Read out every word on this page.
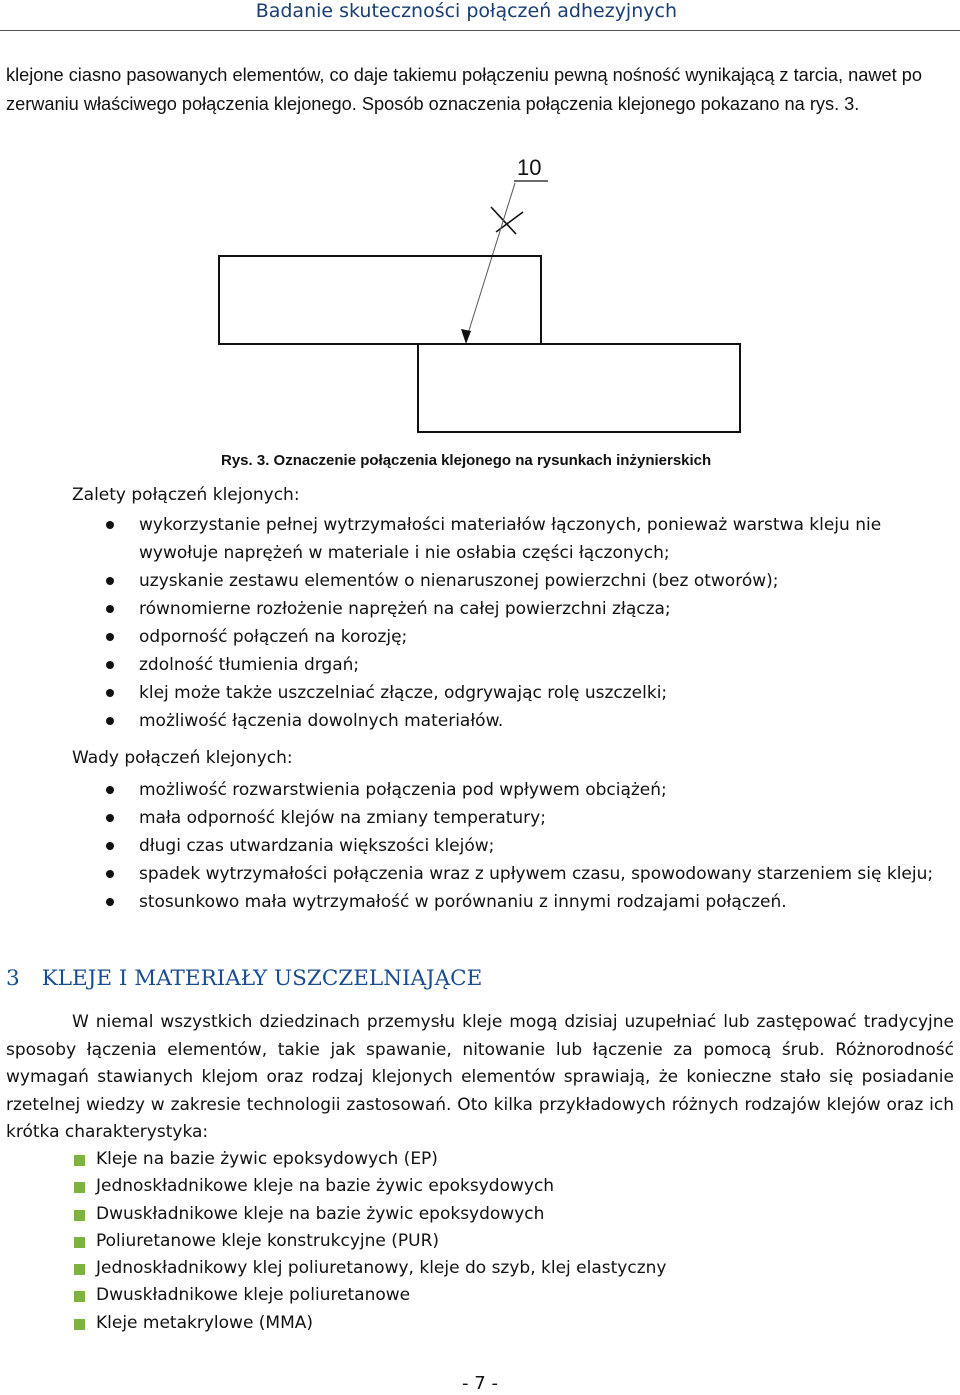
Badanie skuteczności połączeń adhezyjnych
klejone ciasno pasowanych elementów, co daje takiemu połączeniu pewną nośność wynikającą z tarcia, nawet po zerwaniu właściwego połączenia klejonego. Sposób oznaczenia połączenia klejonego pokazano na rys. 3.
10
Rys. 3. Oznaczenie połączenia klejonego na rysunkach inżynierskich
Zalety połączeń klejonych:
wykorzystanie pełnej wytrzymałości materiałów łączonych, ponieważ warstwa kleju nie wywołuje naprężeń w materiale i nie osłabia części łączonych;
uzyskanie zestawu elementów o nienaruszonej powierzchni (bez otworów);
równomierne rozłożenie naprężeń na całej powierzchni złącza;
odporność połączeń na korozję;
zdolność tłumienia drgań;
klej może także uszczelniać złącze, odgrywając rolę uszczelki;
możliwość łączenia dowolnych materiałów.
Wady połączeń klejonych:
możliwość rozwarstwienia połączenia pod wpływem obciążeń;
mała odporność klejów na zmiany temperatury;
długi czas utwardzania większości klejów;
spadek wytrzymałości połączenia wraz z upływem czasu, spowodowany starzeniem się kleju;
stosunkowo mała wytrzymałość w porównaniu z innymi rodzajami połączeń.
3 KLEJE I MATERIAŁY USZCZELNIAJĄCE
W niemal wszystkich dziedzinach przemysłu kleje mogą dzisiaj uzupełniać lub zastępować tradycyjne sposoby łączenia elementów, takie jak spawanie, nitowanie lub łączenie za pomocą śrub. Różnorodność wymagań stawianych klejom oraz rodzaj klejonych elementów sprawiają, że konieczne stało się posiadanie rzetelnej wiedzy w zakresie technologii zastosowań. Oto kilka przykładowych różnych rodzajów klejów oraz ich krótka charakterystyka:
Kleje na bazie żywic epoksydowych (EP)
Jednoskładnikowe kleje na bazie żywic epoksydowych
Dwuskładnikowe kleje na bazie żywic epoksydowych
Poliuretanowe kleje konstrukcyjne (PUR)
Jednoskładnikowy klej poliuretanowy, kleje do szyb, klej elastyczny
Dwuskładnikowe kleje poliuretanowe
Kleje metakrylowe (MMA)
- 7 -
